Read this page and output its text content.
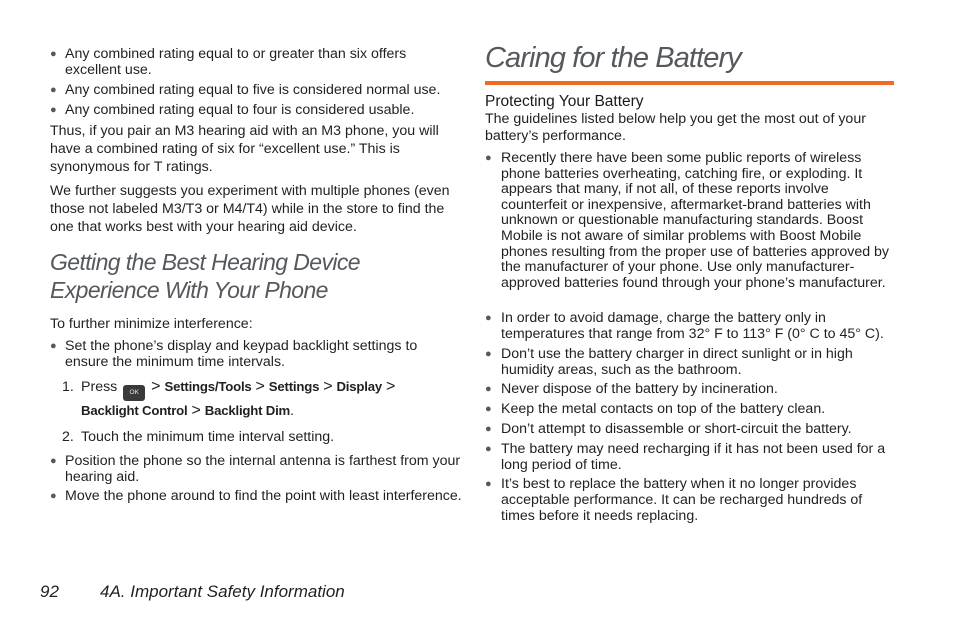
● Any combined rating equal to or greater than six offers excellent use.
● Any combined rating equal to five is considered normal use.
● Any combined rating equal to four is considered usable.
Thus, if you pair an M3 hearing aid with an M3 phone, you will have a combined rating of six for “excellent use.” This is synonymous for T ratings.
We further suggests you experiment with multiple phones (even those not labeled M3/T3 or M4/T4) while in the store to find the one that works best with your hearing aid device.
Getting the Best Hearing Device Experience With Your Phone
To further minimize interference:
● Set the phone’s display and keypad backlight settings to ensure the minimum time intervals.
1. Press OK > Settings/Tools > Settings > Display >
Backlight Control > Backlight Dim.
2. Touch the minimum time interval setting.
● Position the phone so the internal antenna is farthest from your hearing aid.
● Move the phone around to find the point with least interference.
Caring for the Battery
Protecting Your Battery
The guidelines listed below help you get the most out of your battery’s performance.
● Recently there have been some public reports of wireless phone batteries overheating, catching fire, or exploding. It appears that many, if not all, of these reports involve counterfeit or inexpensive, aftermarket-brand batteries with unknown or questionable manufacturing standards. Boost Mobile is not aware of similar problems with Boost Mobile phones resulting from the proper use of batteries approved by the manufacturer of your phone. Use only manufacturer-approved batteries found through your phone’s manufacturer.
● In order to avoid damage, charge the battery only in temperatures that range from 32° F to 113° F (0° C to 45° C).
● Don’t use the battery charger in direct sunlight or in high humidity areas, such as the bathroom.
● Never dispose of the battery by incineration.
● Keep the metal contacts on top of the battery clean.
● Don’t attempt to disassemble or short-circuit the battery.
● The battery may need recharging if it has not been used for a long period of time.
● It’s best to replace the battery when it no longer provides acceptable performance. It can be recharged hundreds of times before it needs replacing.
92 4A. Important Safety Information
